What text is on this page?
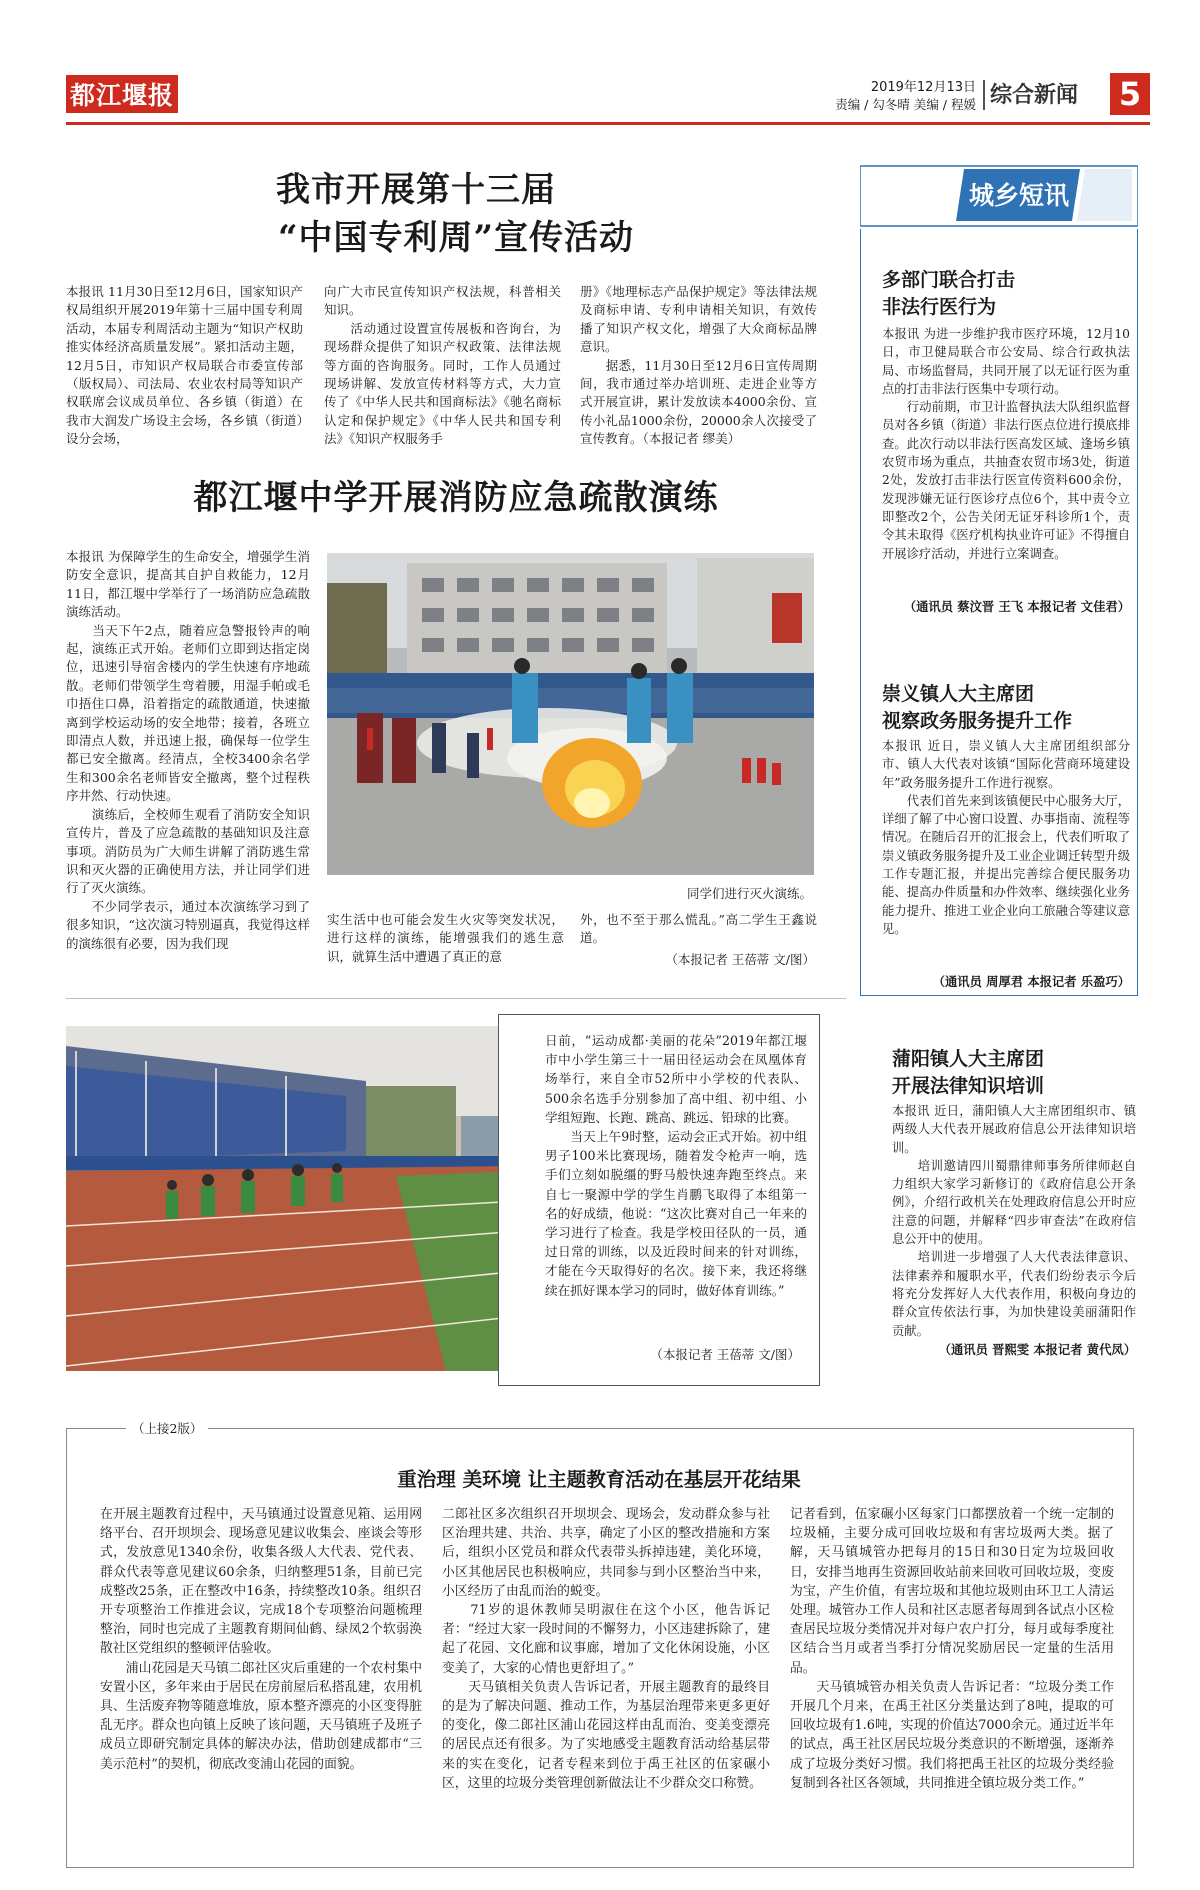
都江堰报	2019年12月13日
责编 / 勾冬晴 美编 / 程媛 综合新闻	5
我市开展第十三届
“中国专利周”宣传活动
本报讯 11月30日至12月6日，国家知识产权局组织开展2019年第十三届中国专利周活动，本届专利周活动主题为“知识产权助推实体经济高质量发展”。紧扣活动主题，12月5日，市知识产权局联合市委宣传部（版权局）、司法局、农业农村局等知识产权联席会议成员单位、各乡镇（街道）在我市大润发广场设主会场，各乡镇（街道）设分会场，
向广大市民宣传知识产权法规，科普相关知识。
　　活动通过设置宣传展板和咨询台，为现场群众提供了知识产权政策、法律法规等方面的咨询服务。同时，工作人员通过现场讲解、发放宣传材料等方式，大力宣传了《中华人民共和国商标法》《驰名商标认定和保护规定》《中华人民共和国专利法》《知识产权服务手
册》《地理标志产品保护规定》等法律法规及商标申请、专利申请相关知识，有效传播了知识产权文化，增强了大众商标品牌意识。
　　据悉，11月30日至12月6日宣传周期间，我市通过举办培训班、走进企业等方式开展宣讲，累计发放读本4000余份、宣传小礼品1000余份，20000余人次接受了宣传教育。（本报记者 缪美）
都江堰中学开展消防应急疏散演练
本报讯 为保障学生的生命安全，增强学生消防安全意识，提高其自护自救能力，12月11日，都江堰中学举行了一场消防应急疏散演练活动。
　　当天下午2点，随着应急警报铃声的响起，演练正式开始。老师们立即到达指定岗位，迅速引导宿舍楼内的学生快速有序地疏散。老师们带领学生弯着腰，用湿手帕或毛巾捂住口鼻，沿着指定的疏散通道，快速撤离到学校运动场的安全地带；接着，各班立即清点人数，并迅速上报，确保每一位学生都已安全撤离。经清点，全校3400余名学生和300余名老师皆安全撤离，整个过程秩序井然、行动快速。
　　演练后，全校师生观看了消防安全知识宣传片，普及了应急疏散的基础知识及注意事项。消防员为广大师生讲解了消防逃生常识和灭火器的正确使用方法，并让同学们进行了灭火演练。
　　不少同学表示，通过本次演练学习到了很多知识，“这次演习特别逼真，我觉得这样的演练很有必要，因为我们现
同学们进行灭火演练。
实生活中也可能会发生火灾等突发状况，进行这样的演练，能增强我们的逃生意识，就算生活中遭遇了真正的意
外，也不至于那么慌乱。”高二学生王鑫说道。
（本报记者 王蓓蒂 文/图）
日前，“运动成都·美丽的花朵”2019年都江堰市中小学生第三十一届田径运动会在凤凰体育场举行，来自全市52所中小学校的代表队、500余名选手分别参加了高中组、初中组、小学组短跑、长跑、跳高、跳远、铅球的比赛。
　　当天上午9时整，运动会正式开始。初中组男子100米比赛现场，随着发令枪声一响，选手们立刻如脱缰的野马般快速奔跑至终点。来自七一聚源中学的学生肖鹏飞取得了本组第一名的好成绩，他说：“这次比赛对自己一年来的学习进行了检查。我是学校田径队的一员，通过日常的训练，以及近段时间来的针对训练，才能在今天取得好的名次。接下来，我还将继续在抓好课本学习的同时，做好体育训练。”
（本报记者 王蓓蒂 文/图）
城乡短讯
多部门联合打击
非法行医行为
本报讯 为进一步维护我市医疗环境，12月10日，市卫健局联合市公安局、综合行政执法局、市场监督局，共同开展了以无证行医为重点的打击非法行医集中专项行动。
　　行动前期，市卫计监督执法大队组织监督员对各乡镇（街道）非法行医点位进行摸底排查。此次行动以非法行医高发区域、逢场乡镇农贸市场为重点，共抽查农贸市场3处，街道2处，发放打击非法行医宣传资料600余份，发现涉嫌无证行医诊疗点位6个，其中责令立即整改2个，公告关闭无证牙科诊所1个，责令其未取得《医疗机构执业许可证》不得擅自开展诊疗活动，并进行立案调查。
（通讯员 蔡汶晋 王飞 本报记者 文佳君）
崇义镇人大主席团
视察政务服务提升工作
本报讯 近日，崇义镇人大主席团组织部分市、镇人大代表对该镇“国际化营商环境建设年”政务服务提升工作进行视察。
　　代表们首先来到该镇便民中心服务大厅，详细了解了中心窗口设置、办事指南、流程等情况。在随后召开的汇报会上，代表们听取了崇义镇政务服务提升及工业企业调迁转型升级工作专题汇报，并提出完善综合便民服务功能、提高办件质量和办件效率、继续强化业务能力提升、推进工业企业向工旅融合等建议意见。
（通讯员 周厚君 本报记者 乐盈巧）
蒲阳镇人大主席团
开展法律知识培训
本报讯 近日，蒲阳镇人大主席团组织市、镇两级人大代表开展政府信息公开法律知识培训。
　　培训邀请四川蜀鼎律师事务所律师赵自力组织大家学习新修订的《政府信息公开条例》，介绍行政机关在处理政府信息公开时应注意的问题，并解释“四步审查法”在政府信息公开中的使用。
　　培训进一步增强了人大代表法律意识、法律素养和履职水平，代表们纷纷表示今后将充分发挥好人大代表作用，积极向身边的群众宣传依法行事，为加快建设美丽蒲阳作贡献。
（通讯员 晋熙雯 本报记者 黄代凤）
（上接2版）
重治理 美环境 让主题教育活动在基层开花结果
在开展主题教育过程中，天马镇通过设置意见箱、运用网络平台、召开坝坝会、现场意见建议收集会、座谈会等形式，发放意见1340余份，收集各级人大代表、党代表、群众代表等意见建议60余条，归纳整理51条，目前已完成整改25条，正在整改中16条，持续整改10条。组织召开专项整治工作推进会议，完成18个专项整治问题梳理整治，同时也完成了主题教育期间仙鹤、绿凤2个软弱涣散社区党组织的整顿评估验收。
　　浦山花园是天马镇二郎社区灾后重建的一个农村集中安置小区，多年来由于居民在房前屋后私搭乱建，农用机具、生活废弃物等随意堆放，原本整齐漂亮的小区变得脏乱无序。群众也向镇上反映了该问题，天马镇班子及班子成员立即研究制定具体的解决办法，借助创建成都市“三美示范村”的契机，彻底改变浦山花园的面貌。
二郎社区多次组织召开坝坝会、现场会，发动群众参与社区治理共建、共治、共享，确定了小区的整改措施和方案后，组织小区党员和群众代表带头拆掉违建，美化环境，小区其他居民也积极响应，共同参与到小区整治当中来，小区经历了由乱而治的蜕变。
　　71岁的退休教师吴明淑住在这个小区，他告诉记者：“经过大家一段时间的不懈努力，小区违建拆除了，建起了花园、文化廊和议事廊，增加了文化休闲设施，小区变美了，大家的心情也更舒坦了。”
　　天马镇相关负责人告诉记者，开展主题教育的最终目的是为了解决问题、推动工作，为基层治理带来更多更好的变化，像二郎社区浦山花园这样由乱而治、变美变漂亮的居民点还有很多。为了实地感受主题教育活动给基层带来的实在变化，记者专程来到位于禹王社区的伍家碾小区，这里的垃圾分类管理创新做法让不少群众交口称赞。
记者看到，伍家碾小区每家门口都摆放着一个统一定制的垃圾桶，主要分成可回收垃圾和有害垃圾两大类。据了解，天马镇城管办把每月的15日和30日定为垃圾回收日，安排当地再生资源回收站前来回收可回收垃圾，变废为宝，产生价值，有害垃圾和其他垃圾则由环卫工人清运处理。城管办工作人员和社区志愿者每周到各试点小区检查居民垃圾分类情况并对每户农户打分，每月或每季度社区结合当月或者当季打分情况奖励居民一定量的生活用品。
　　天马镇城管办相关负责人告诉记者：“垃圾分类工作开展几个月来，在禹王社区分类量达到了8吨，提取的可回收垃圾有1.6吨，实现的价值达7000余元。通过近半年的试点，禹王社区居民垃圾分类意识的不断增强，逐渐养成了垃圾分类好习惯。我们将把禹王社区的垃圾分类经验复制到各社区各领域，共同推进全镇垃圾分类工作。”
